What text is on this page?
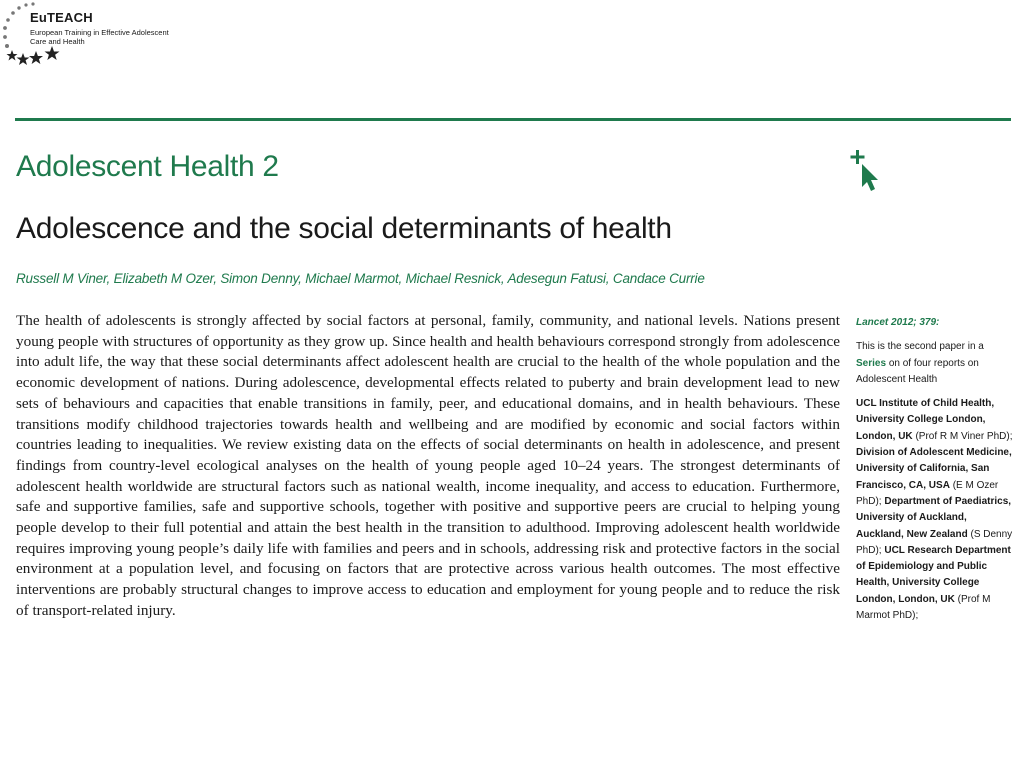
EuTEACH
European Training in Effective Adolescent Care and Health
Adolescent Health 2
Adolescence and the social determinants of health
Russell M Viner, Elizabeth M Ozer, Simon Denny, Michael Marmot, Michael Resnick, Adesegun Fatusi, Candace Currie

The health of adolescents is strongly affected by social factors at personal, family, community, and national levels. Nations present young people with structures of opportunity as they grow up. Since health and health behaviours correspond strongly from adolescence into adult life, the way that these social determinants affect adolescent health are crucial to the health of the whole population and the economic development of nations. During adolescence, developmental effects related to puberty and brain development lead to new sets of behaviours and capacities that enable transitions in family, peer, and educational domains, and in health behaviours. These transitions modify childhood trajectories towards health and wellbeing and are modified by economic and social factors within countries leading to inequalities. We review existing data on the effects of social determinants on health in adolescence, and present findings from country-level ecological analyses on the health of young people aged 10–24 years. The strongest determinants of adolescent health worldwide are structural factors such as national wealth, income inequality, and access to education. Furthermore, safe and supportive families, safe and supportive schools, together with positive and supportive peers are crucial to helping young people develop to their full potential and attain the best health in the transition to adulthood. Improving adolescent health worldwide requires improving young people’s daily life with families and peers and in schools, addressing risk and protective factors in the social environment at a population level, and focusing on factors that are protective across various health outcomes. The most effective interventions are probably structural changes to improve access to education and employment for young people and to reduce the risk of transport-related injury.

Lancet 2012; 379:

This is the second paper in a Series on of four reports on Adolescent Health

UCL Institute of Child Health, University College London, London, UK (Prof R M Viner PhD); Division of Adolescent Medicine, University of California, San Francisco, CA, USA (E M Ozer PhD); Department of Paediatrics, University of Auckland, Auckland, New Zealand (S Denny PhD); UCL Research Department of Epidemiology and Public Health, University College London, London, UK (Prof M Marmot PhD);
